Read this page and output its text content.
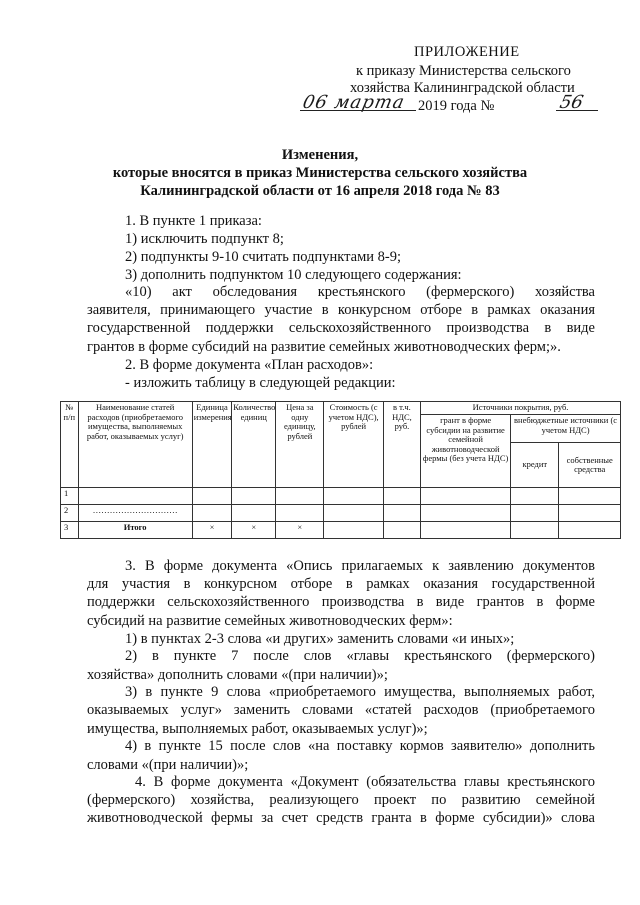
ПРИЛОЖЕНИЕ
к приказу Министерства сельского
хозяйства Калининградской области
2019 года №
06 марта	56
Изменения,
которые вносятся в приказ Министерства сельского хозяйства
Калининградской области от 16 апреля 2018 года № 83
1. В пункте 1 приказа:
1) исключить подпункт 8;
2) подпункты 9-10 считать подпунктами 8-9;
3) дополнить подпунктом 10 следующего содержания:
«10) акт обследования крестьянского (фермерского) хозяйства
заявителя, принимающего участие в конкурсном отборе в рамках оказания
государственной поддержки сельскохозяйственного производства в виде
грантов в форме субсидий на развитие семейных животноводческих ферм;».
2. В форме документа «План расходов»:
- изложить таблицу в следующей редакции:
№ п/п	Наименование статей расходов (приобретаемого имущества, выполняемых работ, оказываемых услуг)	Единица измерения	Количество единиц	Цена за одну единицу, рублей	Стоимость (с учетом НДС), рублей	в т.ч. НДС, руб.	Источники покрытия, руб.		
							грант в форме субсидии на развитие семейной животноводческой фермы (без учета НДС)	внебюджетные источники (с учетом НДС)	
								кредит	собственные средства
1									
2	…………………………								
3	Итого	×	×	×					
3. В форме документа «Опись прилагаемых к заявлению документов
для участия в конкурсном отборе в рамках оказания государственной
поддержки сельскохозяйственного производства в виде грантов в форме
субсидий на развитие семейных животноводческих ферм»:
1) в пунктах 2-3 слова «и других» заменить словами «и иных»;
2) в пункте 7 после слов «главы крестьянского (фермерского)
хозяйства» дополнить словами «(при наличии)»;
3) в пункте 9 слова «приобретаемого имущества, выполняемых работ,
оказываемых услуг» заменить словами «статей расходов (приобретаемого
имущества, выполняемых работ, оказываемых услуг)»;
4) в пункте 15 после слов «на поставку кормов заявителю» дополнить
словами «(при наличии)»;
4. В форме документа «Документ (обязательства главы крестьянского
(фермерского) хозяйства, реализующего проект по развитию семейной
животноводческой фермы за счет средств гранта в форме субсидии)» слова
